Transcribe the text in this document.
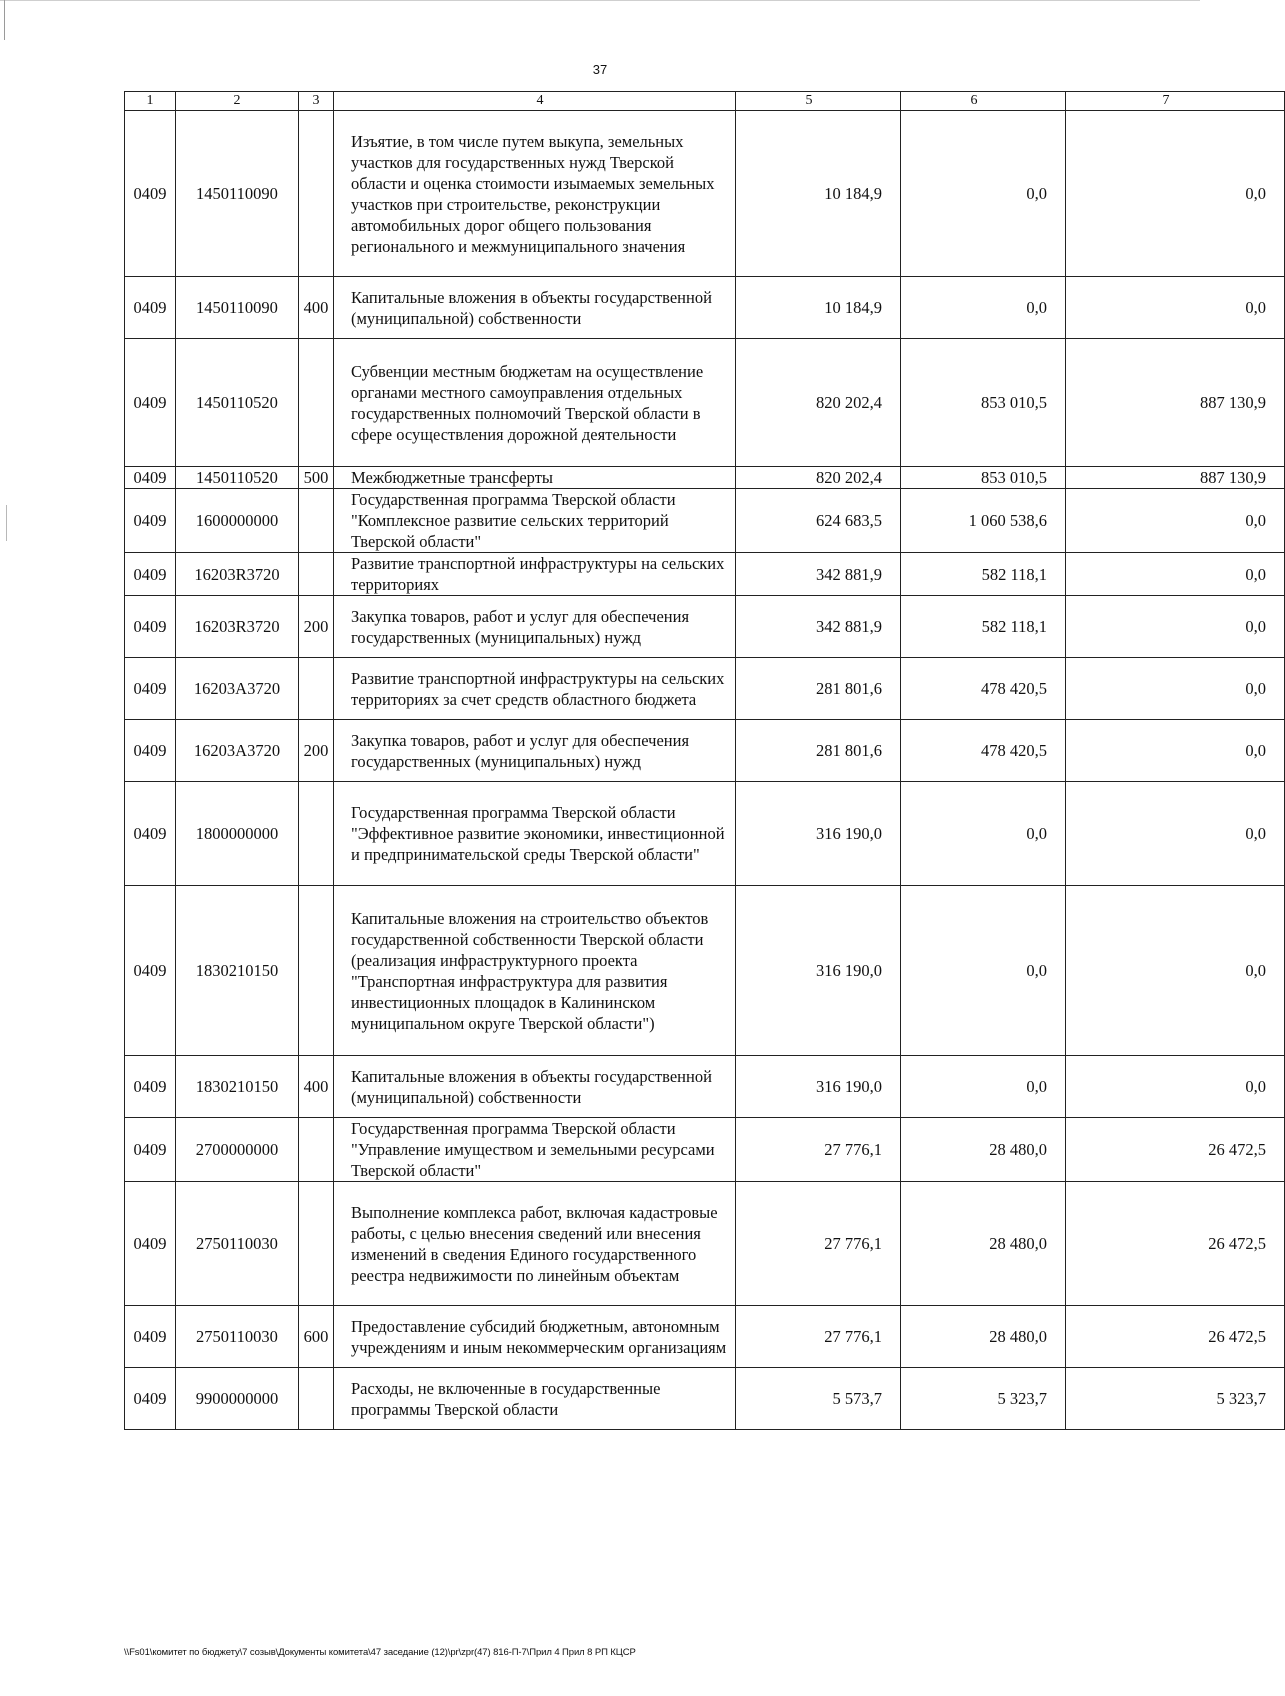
37
1	2	3	4	5	6	7
0409	1450110090		Изъятие, в том числе путем выкупа, земельных участков для государственных нужд Тверской области и оценка стоимости изымаемых земельных участков при строительстве, реконструкции автомобильных дорог общего пользования регионального и межмуниципального значения	10 184,9	0,0	0,0
0409	1450110090	400	Капитальные вложения в объекты государственной (муниципальной) собственности	10 184,9	0,0	0,0
0409	1450110520		Субвенции местным бюджетам на осуществление органами местного самоуправления отдельных государственных полномочий Тверской области в сфере осуществления дорожной деятельности	820 202,4	853 010,5	887 130,9
0409	1450110520	500	Межбюджетные трансферты	820 202,4	853 010,5	887 130,9
0409	1600000000		Государственная программа Тверской области "Комплексное развитие сельских территорий Тверской области"	624 683,5	1 060 538,6	0,0
0409	16203R3720		Развитие транспортной инфраструктуры на сельских территориях	342 881,9	582 118,1	0,0
0409	16203R3720	200	Закупка товаров, работ и услуг для обеспечения государственных (муниципальных) нужд	342 881,9	582 118,1	0,0
0409	16203A3720		Развитие транспортной инфраструктуры на сельских территориях за счет средств областного бюджета	281 801,6	478 420,5	0,0
0409	16203A3720	200	Закупка товаров, работ и услуг для обеспечения государственных (муниципальных) нужд	281 801,6	478 420,5	0,0
0409	1800000000		Государственная программа Тверской области "Эффективное развитие экономики, инвестиционной и предпринимательской среды Тверской области"	316 190,0	0,0	0,0
0409	1830210150		Капитальные вложения на строительство объектов государственной собственности Тверской области (реализация инфраструктурного проекта "Транспортная инфраструктура для развития инвестиционных площадок в Калининском муниципальном округе Тверской области")	316 190,0	0,0	0,0
0409	1830210150	400	Капитальные вложения в объекты государственной (муниципальной) собственности	316 190,0	0,0	0,0
0409	2700000000		Государственная программа Тверской области "Управление имуществом и земельными ресурсами Тверской области"	27 776,1	28 480,0	26 472,5
0409	2750110030		Выполнение комплекса работ, включая кадастровые работы, с целью внесения сведений или внесения изменений в сведения Единого государственного реестра недвижимости по линейным объектам	27 776,1	28 480,0	26 472,5
0409	2750110030	600	Предоставление субсидий бюджетным, автономным учреждениям и иным некоммерческим организациям	27 776,1	28 480,0	26 472,5
0409	9900000000		Расходы, не включенные в государственные программы Тверской области	5 573,7	5 323,7	5 323,7
\\Fs01\комитет по бюджету\7 созыв\Документы комитета\47 заседание (12)\pr\zpr(47) 816-П-7\Прил 4 Прил 8 РП КЦСР
